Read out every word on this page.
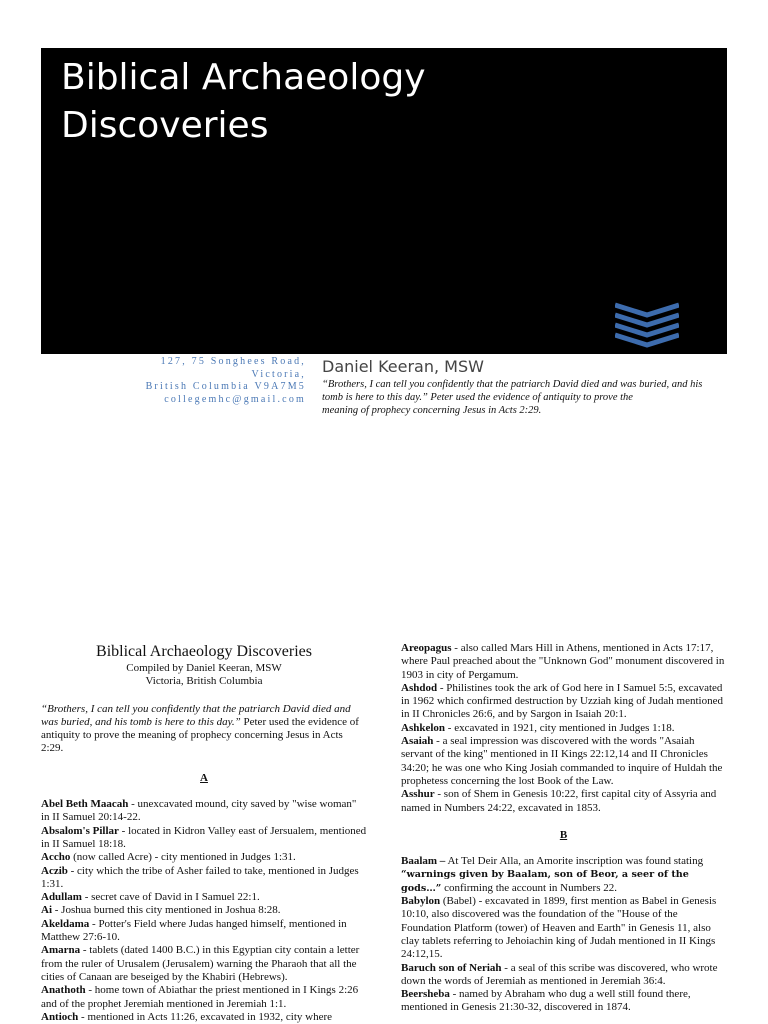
Biblical Archaeology
Discoveries
127, 75 Songhees Road,
Victoria,
British Columbia V9A7M5
collegemhc@gmail.com

Daniel Keeran, MSW

“Brothers, I can tell you confidently that the patriarch David died and was buried, and his tomb is here to this day.” Peter used the evidence of antiquity to prove the
meaning of prophecy concerning Jesus in Acts 2:29.
Biblical Archaeology Discoveries

Compiled by Daniel Keeran, MSW

Victoria, British Columbia

“Brothers, I can tell you confidently that the patriarch David died and was buried, and his tomb is here to this day.” Peter used the evidence of antiquity to prove the meaning of prophecy concerning Jesus in Acts 2:29.

A

Abel Beth Maacah - unexcavated mound, city saved by "wise woman" in II Samuel 20:14-22.

Absalom's Pillar - located in Kidron Valley east of Jersualem, mentioned in II Samuel 18:18.

Accho (now called Acre) - city mentioned in Judges 1:31.

Aczib - city which the tribe of Asher failed to take, mentioned in Judges 1:31.

Adullam - secret cave of David in I Samuel 22:1.

Ai - Joshua burned this city mentioned in Joshua 8:28.

Akeldama - Potter's Field where Judas hanged himself, mentioned in Matthew 27:6-10.

Amarna - tablets (dated 1400 B.C.) in this Egyptian city contain a letter from the ruler of Urusalem (Jerusalem) warning the Pharaoh that all the cities of Canaan are beseiged by the Khabiri (Hebrews).

Anathoth - home town of Abiathar the priest mentioned in I Kings 2:26 and of the prophet Jeremiah mentioned in Jeremiah 1:1.

Antioch - mentioned in Acts 11:26, excavated in 1932, city where

Areopagus - also called Mars Hill in Athens, mentioned in Acts 17:17, where Paul preached about the "Unknown God" monument discovered in 1903 in city of Pergamum.

Ashdod - Philistines took the ark of God here in I Samuel 5:5, excavated in 1962 which confirmed destruction by Uzziah king of Judah mentioned in II Chronicles 26:6, and by Sargon in Isaiah 20:1.

Ashkelon - excavated in 1921, city mentioned in Judges 1:18.

Asaiah - a seal impression was discovered with the words "Asaiah servant of the king" mentioned in II Kings 22:12,14 and II Chronicles 34:20; he was one who King Josiah commanded to inquire of Huldah the prophetess concerning the lost Book of the Law.

Asshur - son of Shem in Genesis 10:22, first capital city of Assyria and named in Numbers 24:22, excavated in 1853.

B

Baalam – At Tel Deir Alla, an Amorite inscription was found stating “warnings given by Baalam, son of Beor, a seer of the gods…” confirming the account in Numbers 22.

Babylon (Babel) - excavated in 1899, first mention as Babel in Genesis 10:10, also discovered was the foundation of the "House of the Foundation Platform (tower) of Heaven and Earth" in Genesis 11, also clay tablets referring to Jehoiachin king of Judah mentioned in II Kings 24:12,15.

Baruch son of Neriah - a seal of this scribe was discovered, who wrote down the words of Jeremiah as mentioned in Jeremiah 36:4.

Beersheba - named by Abraham who dug a well still found there, mentioned in Genesis 21:30-32, discovered in 1874.
